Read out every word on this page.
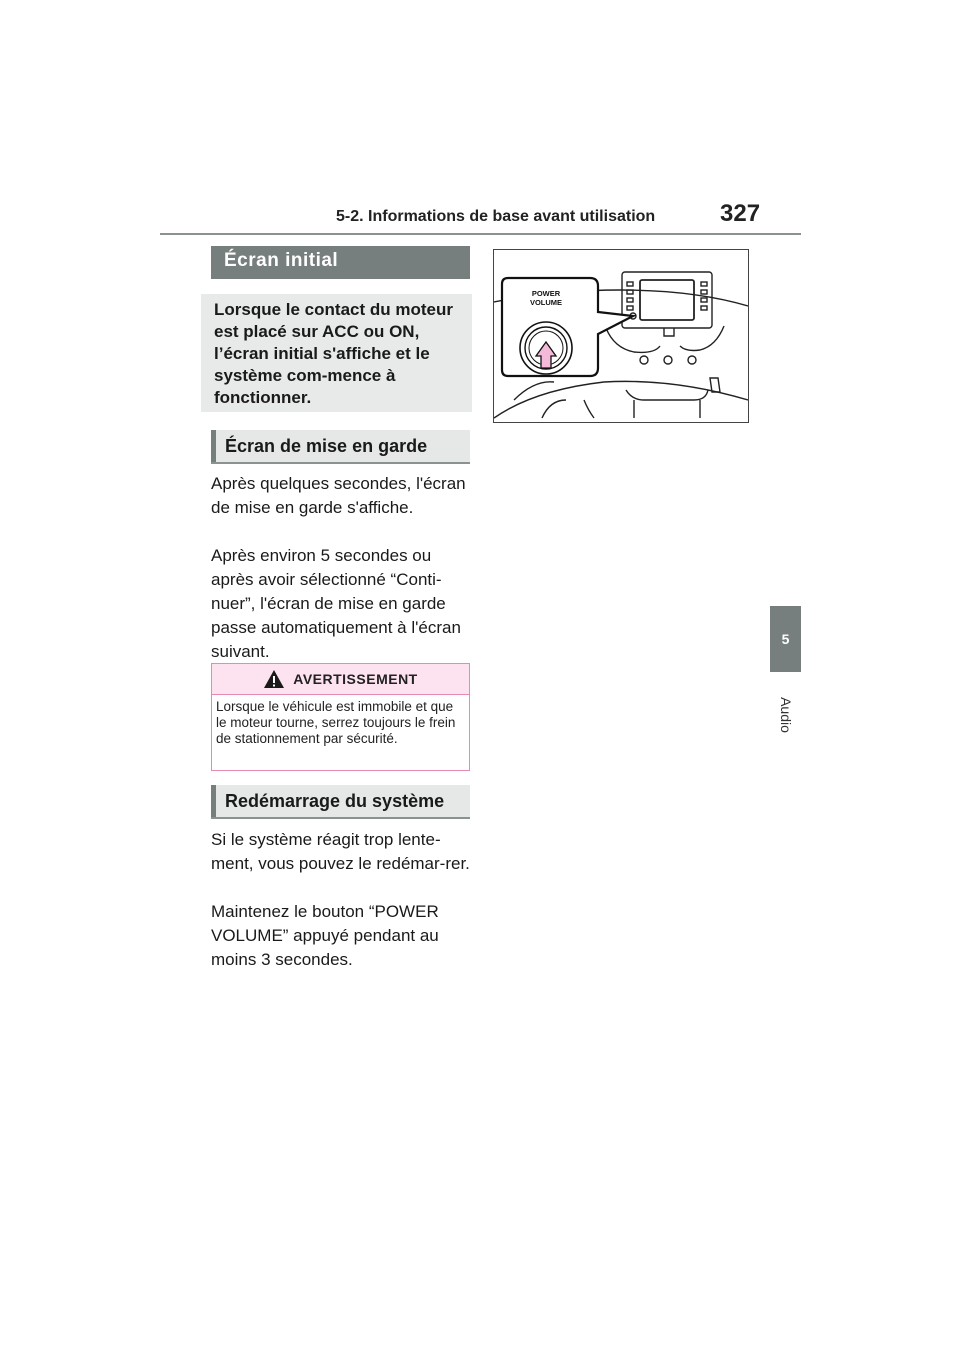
5-2. Informations de base avant utilisation	327
5
Audio
Écran initial
Lorsque le contact du moteur est placé sur ACC ou ON, l’écran initial s'affiche et le système com-mence à fonctionner.
Écran de mise en garde

Après quelques secondes, l'écran de mise en garde s'affiche.

Après environ 5 secondes ou après avoir sélectionné “Conti-nuer”, l'écran de mise en garde passe automatiquement à l'écran suivant.

AVERTISSEMENT
Lorsque le véhicule est immobile et que le moteur tourne, serrez toujours le frein de stationnement par sécurité.
Redémarrage du système

Si le système réagit trop lente-ment, vous pouvez le redémar-rer.

Maintenez le bouton “POWER VOLUME” appuyé pendant au moins 3 secondes.

POWER
VOLUME
